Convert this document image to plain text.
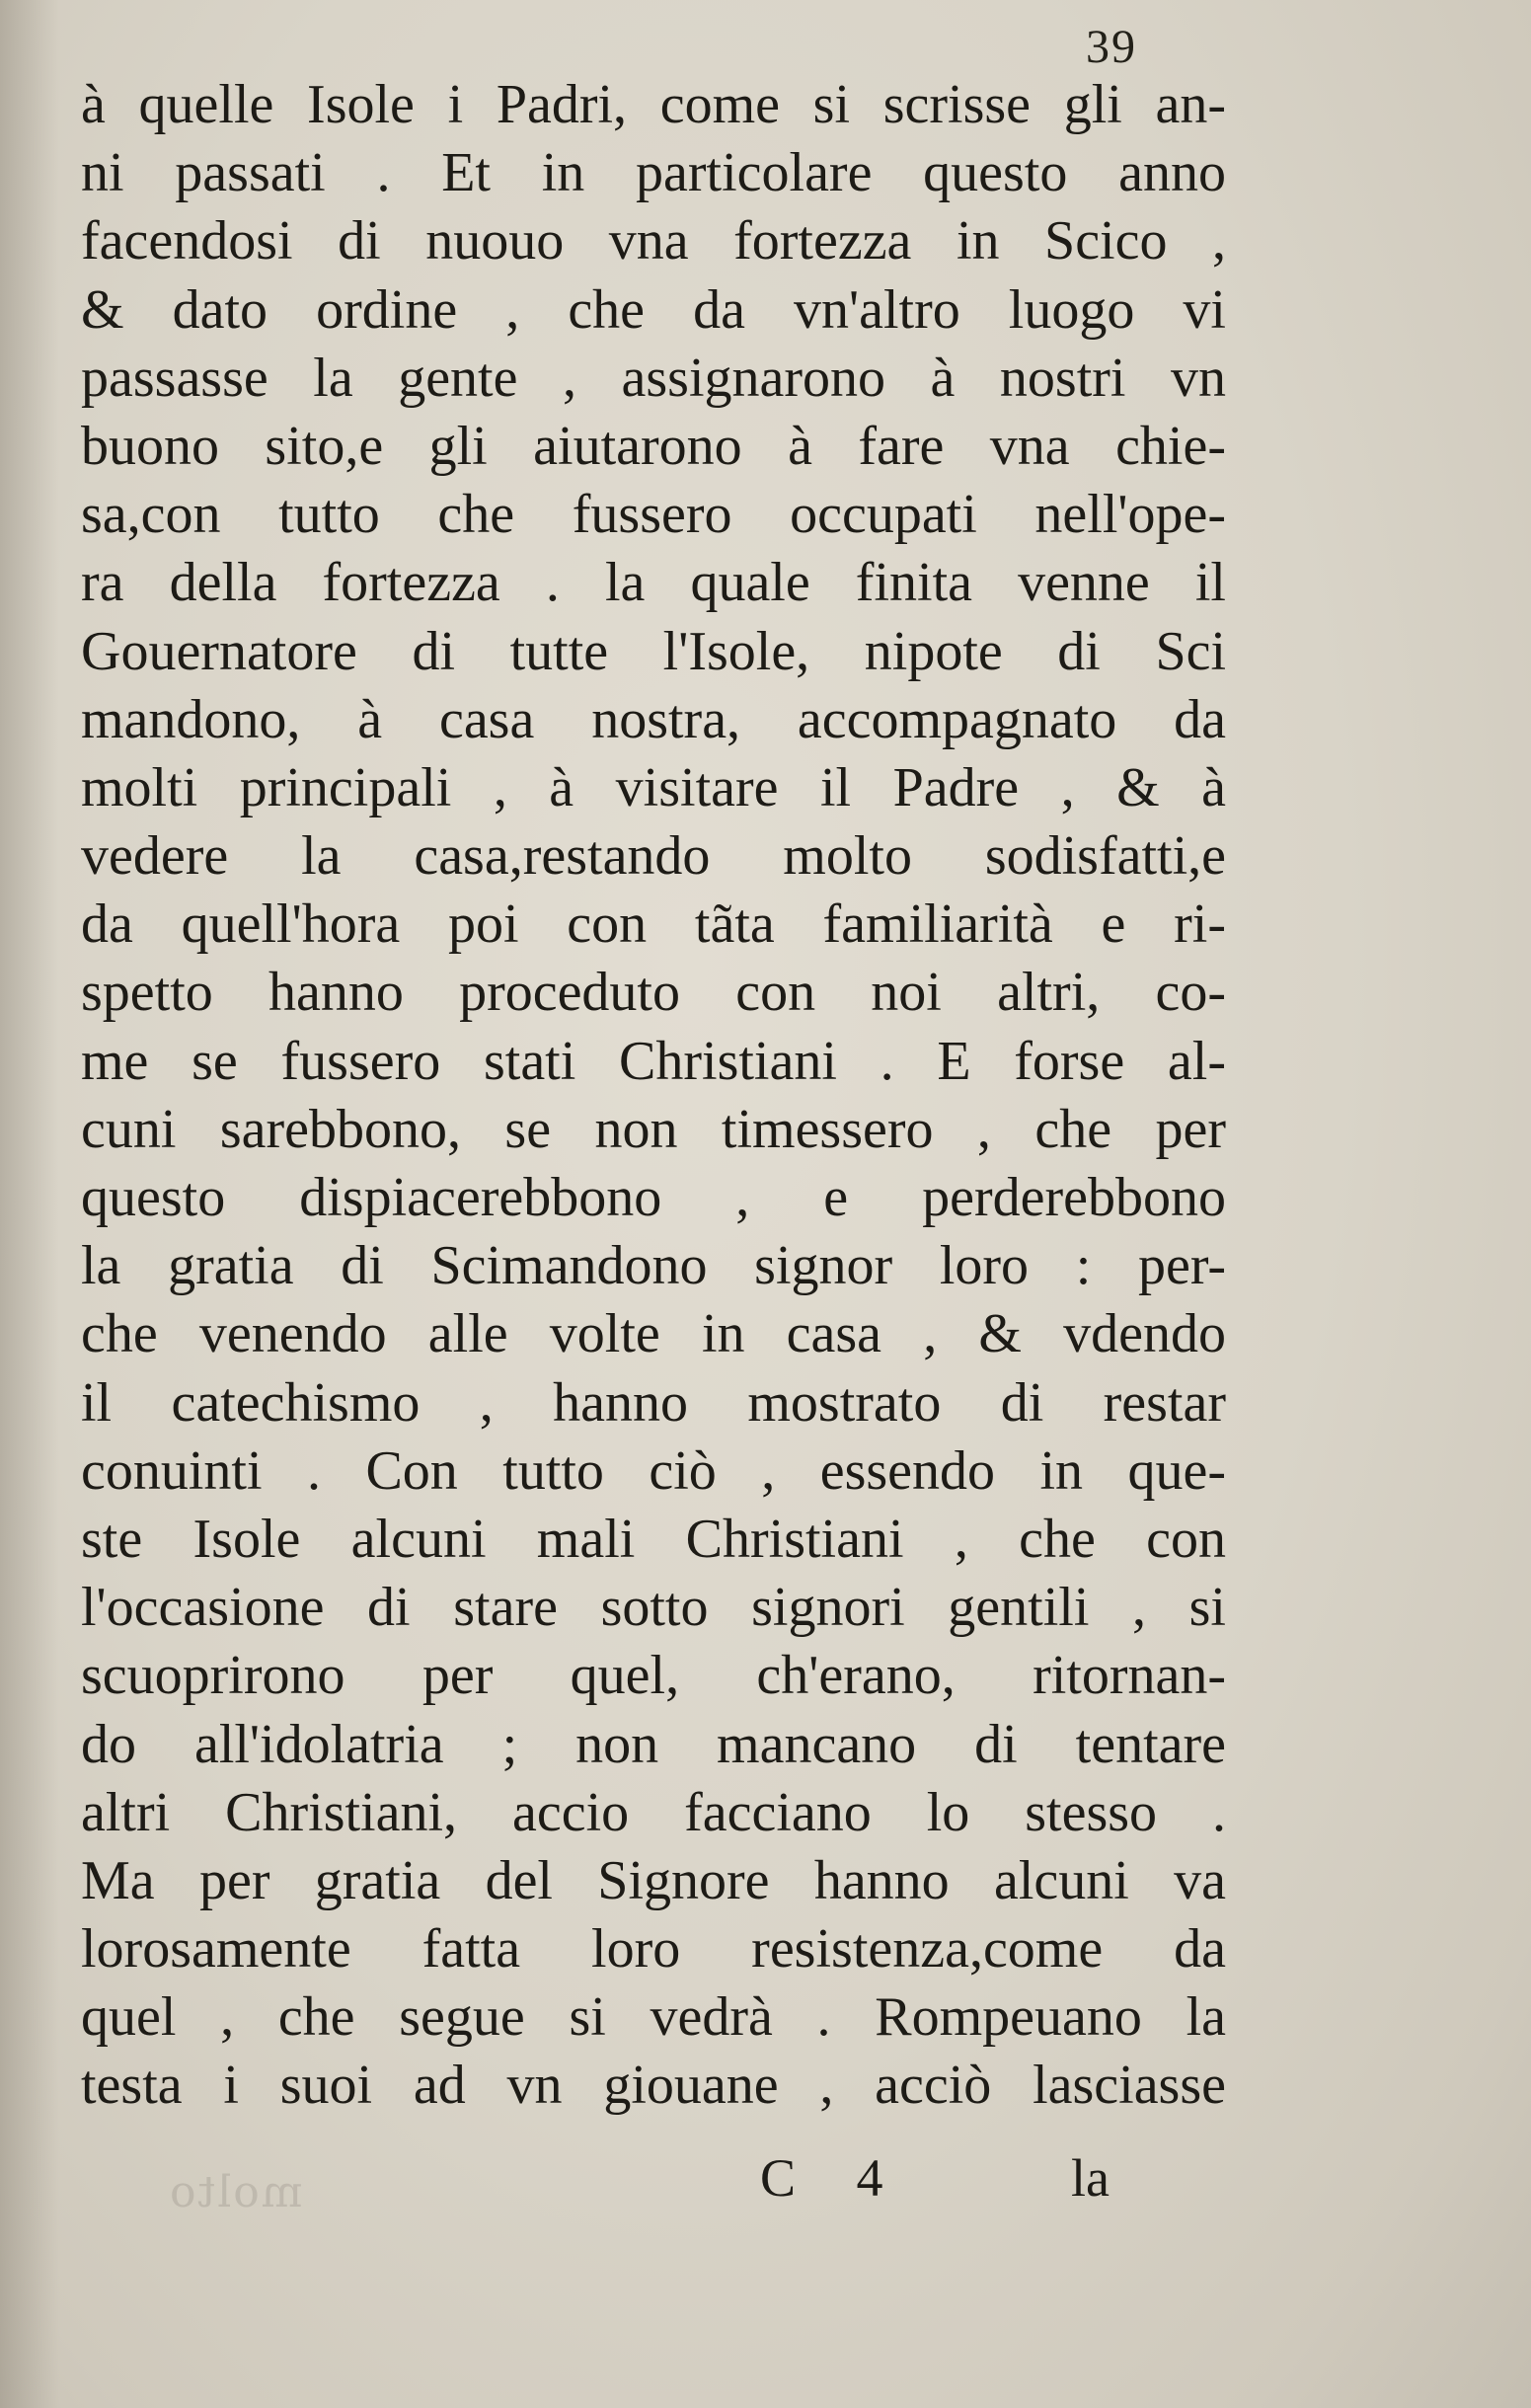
molto
39
à quelle Isole i Padri, come si scrisse gli an-
ni passati . Et in particolare questo anno
facendosi di nuouo vna fortezza in Scico ,
& dato ordine , che da vn'altro luogo vi
passasse la gente , assignarono à nostri vn
buono sito,e gli aiutarono à fare vna chie-
sa,con tutto che fussero occupati nell'ope-
ra della fortezza . la quale finita venne il
Gouernatore di tutte l'Isole, nipote di Sci
mandono, à casa nostra, accompagnato da
molti principali , à visitare il Padre , & à
vedere la casa,restando molto sodisfatti,e
da quell'hora poi con tãta familiarità e ri-
spetto hanno proceduto con noi altri, co-
me se fussero stati Christiani . E forse al-
cuni sarebbono, se non timessero , che per
questo dispiacerebbono , e perderebbono
la gratia di Scimandono signor loro : per-
che venendo alle volte in casa , & vdendo
il catechismo , hanno mostrato di restar
conuinti . Con tutto ciò , essendo in que-
ste Isole alcuni mali Christiani , che con
l'occasione di stare sotto signori gentili , si
scuoprirono per quel, ch'erano, ritornan-
do all'idolatria ; non mancano di tentare
altri Christiani, accio facciano lo stesso .
Ma per gratia del Signore hanno alcuni va
lorosamente fatta loro resistenza,come da
quel , che segue si vedrà . Rompeuano la
testa i suoi ad vn giouane , acciò lasciasse
C 4	la
